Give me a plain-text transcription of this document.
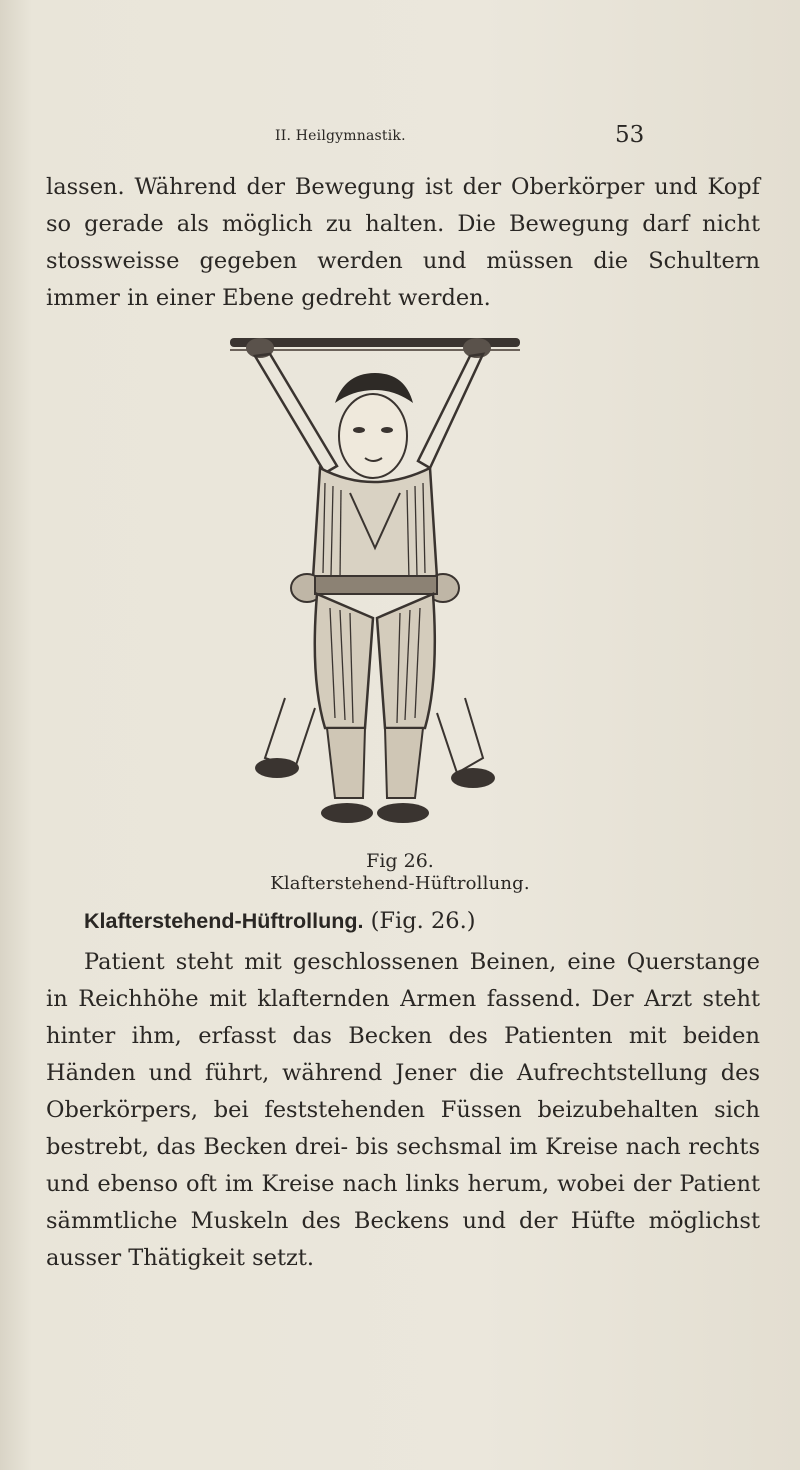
II. Heilgymnastik.	53

lassen. Während der Bewegung ist der Oberkörper und Kopf so gerade als möglich zu halten. Die Bewegung darf nicht stossweisse gegeben werden und müssen die Schultern immer in einer Ebene gedreht werden.

Fig 26.
Klafterstehend-Hüftrollung.
Klafterstehend-Hüftrollung. (Fig. 26.)

Patient steht mit geschlossenen Beinen, eine Querstange in Reichhöhe mit klafternden Armen fassend. Der Arzt steht hinter ihm, erfasst das Becken des Patienten mit beiden Händen und führt, während Jener die Aufrechtstellung des Oberkörpers, bei feststehenden Füssen beizubehalten sich bestrebt, das Becken drei- bis sechsmal im Kreise nach rechts und ebenso oft im Kreise nach links herum, wobei der Patient sämmtliche Muskeln des Beckens und der Hüfte möglichst ausser Thätigkeit setzt.
